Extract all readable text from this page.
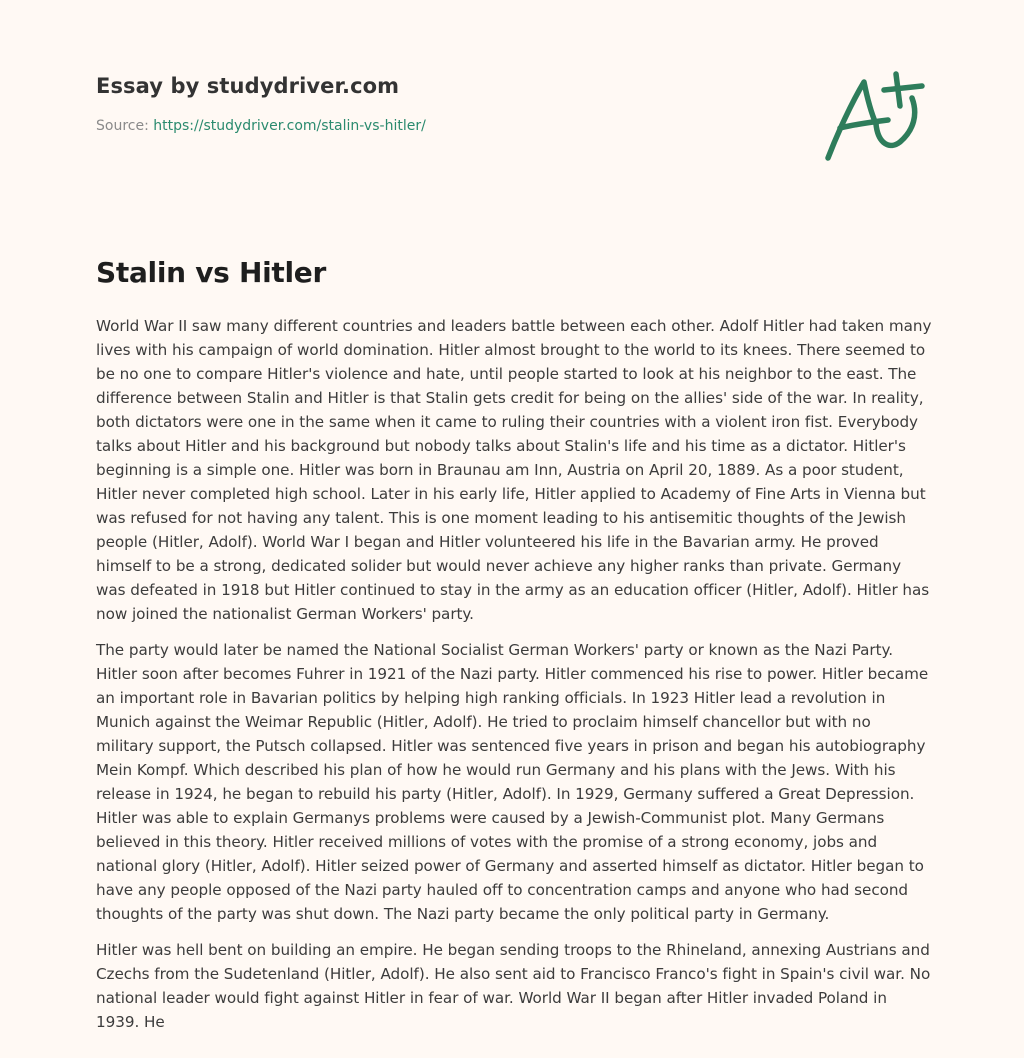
Essay by studydriver.com
Source: https://studydriver.com/stalin-vs-hitler/
Stalin vs Hitler

World War II saw many different countries and leaders battle between each other. Adolf Hitler had taken many lives with his campaign of world domination. Hitler almost brought to the world to its knees. There seemed to be no one to compare Hitler's violence and hate, until people started to look at his neighbor to the east. The difference between Stalin and Hitler is that Stalin gets credit for being on the allies' side of the war. In reality, both dictators were one in the same when it came to ruling their countries with a violent iron fist. Everybody talks about Hitler and his background but nobody talks about Stalin's life and his time as a dictator. Hitler's beginning is a simple one. Hitler was born in Braunau am Inn, Austria on April 20, 1889. As a poor student, Hitler never completed high school. Later in his early life, Hitler applied to Academy of Fine Arts in Vienna but was refused for not having any talent. This is one moment leading to his antisemitic thoughts of the Jewish people (Hitler, Adolf). World War I began and Hitler volunteered his life in the Bavarian army. He proved himself to be a strong, dedicated solider but would never achieve any higher ranks than private. Germany was defeated in 1918 but Hitler continued to stay in the army as an education officer (Hitler, Adolf). Hitler has now joined the nationalist German Workers' party.

The party would later be named the National Socialist German Workers' party or known as the Nazi Party. Hitler soon after becomes Fuhrer in 1921 of the Nazi party. Hitler commenced his rise to power. Hitler became an important role in Bavarian politics by helping high ranking officials. In 1923 Hitler lead a revolution in Munich against the Weimar Republic (Hitler, Adolf). He tried to proclaim himself chancellor but with no military support, the Putsch collapsed. Hitler was sentenced five years in prison and began his autobiography Mein Kompf. Which described his plan of how he would run Germany and his plans with the Jews. With his release in 1924, he began to rebuild his party (Hitler, Adolf). In 1929, Germany suffered a Great Depression. Hitler was able to explain Germanys problems were caused by a Jewish-Communist plot. Many Germans believed in this theory. Hitler received millions of votes with the promise of a strong economy, jobs and national glory (Hitler, Adolf). Hitler seized power of Germany and asserted himself as dictator. Hitler began to have any people opposed of the Nazi party hauled off to concentration camps and anyone who had second thoughts of the party was shut down. The Nazi party became the only political party in Germany.

Hitler was hell bent on building an empire. He began sending troops to the Rhineland, annexing Austrians and Czechs from the Sudetenland (Hitler, Adolf). He also sent aid to Francisco Franco's fight in Spain's civil war. No national leader would fight against Hitler in fear of war. World War II began after Hitler invaded Poland in 1939. He
